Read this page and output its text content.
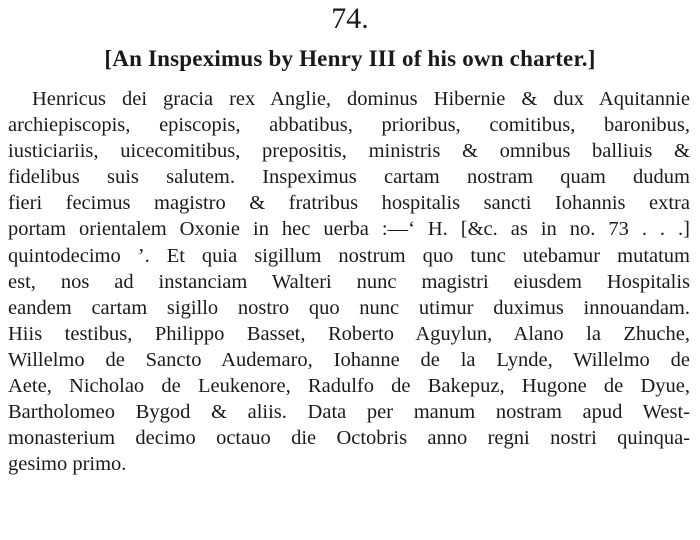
74.
[An Inspeximus by Henry III of his own charter.]
Henricus dei gracia rex Anglie, dominus Hibernie & dux Aquitannie
archiepiscopis, episcopis, abbatibus, prioribus, comitibus, baronibus,
iusticiariis, uicecomitibus, prepositis, ministris & omnibus balliuis &
fidelibus suis salutem. Inspeximus cartam nostram quam dudum
fieri fecimus magistro & fratribus hospitalis sancti Iohannis extra
portam orientalem Oxonie in hec uerba :—‘ H. [&c. as in no. 73 . . .]
quintodecimo ’. Et quia sigillum nostrum quo tunc utebamur mutatum
est, nos ad instanciam Walteri nunc magistri eiusdem Hospitalis
eandem cartam sigillo nostro quo nunc utimur duximus innouandam.
Hiis testibus, Philippo Basset, Roberto Aguylun, Alano la Zhuche,
Willelmo de Sancto Audemaro, Iohanne de la Lynde, Willelmo de
Aete, Nicholao de Leukenore, Radulfo de Bakepuz, Hugone de Dyue,
Bartholomeo Bygod & aliis. Data per manum nostram apud West-
monasterium decimo octauo die Octobris anno regni nostri quinqua-
gesimo primo.
